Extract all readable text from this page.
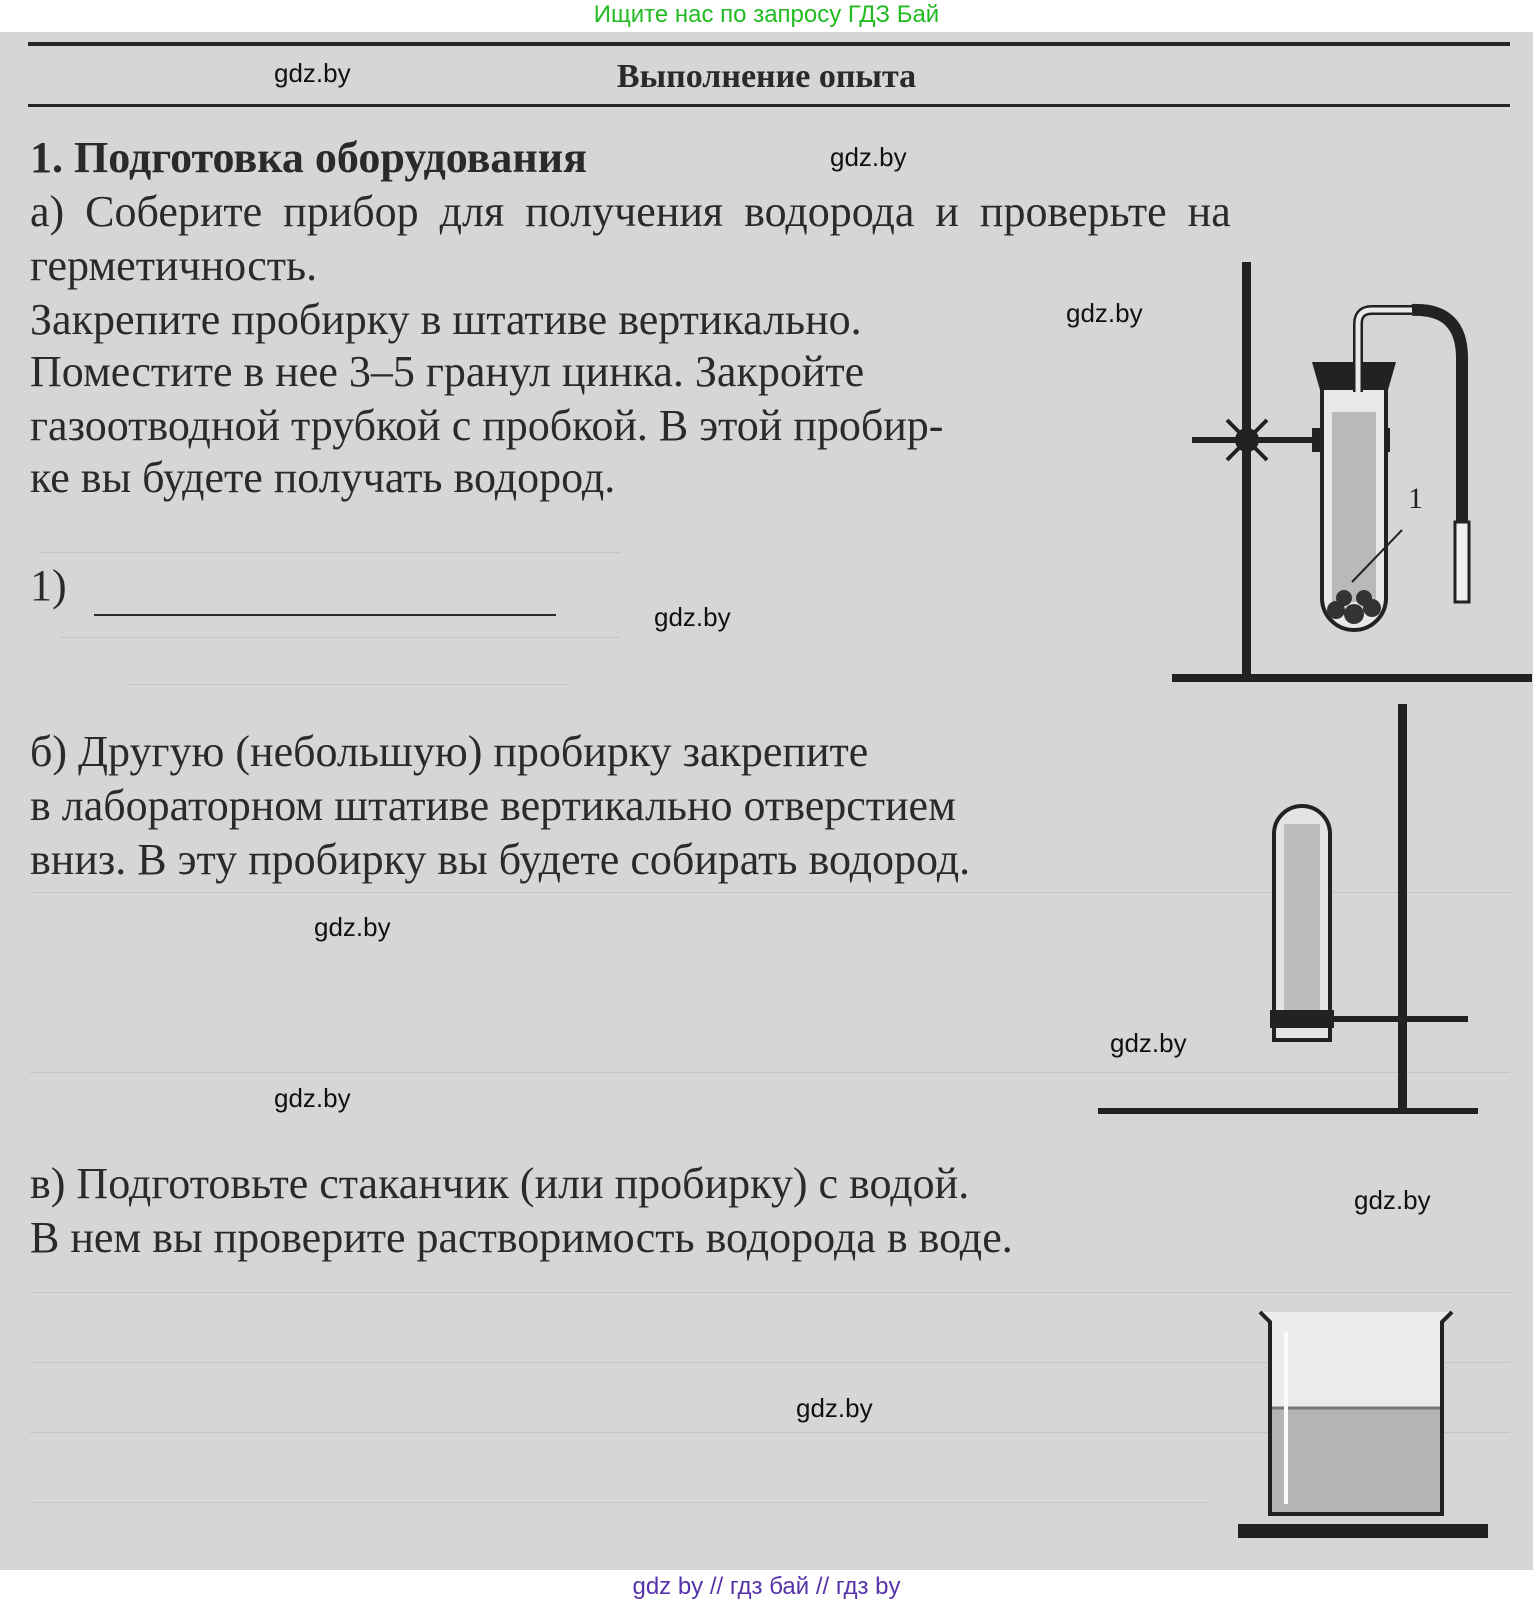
Ищите нас по запросу ГДЗ Бай
Выполнение опыта
gdz.by
gdz.by
gdz.by
gdz.by
gdz.by
gdz.by
gdz.by
gdz.by
gdz.by
1. Подготовка оборудования
а) Соберите прибор для получения водорода и проверьте на
герметичность.
Закрепите пробирку в штативе вертикально.
Поместите в нее 3–5 гранул цинка. Закройте
газоотводной трубкой с пробкой. В этой пробир-
ке вы будете получать водород.
1)
б) Другую (небольшую) пробирку закрепите
в лабораторном штативе вертикально отверстием
вниз. В эту пробирку вы будете собирать водород.
в) Подготовьте стаканчик (или пробирку) с водой.
В нем вы проверите растворимость водорода в воде.
1
gdz by // гдз бай // гдз by
